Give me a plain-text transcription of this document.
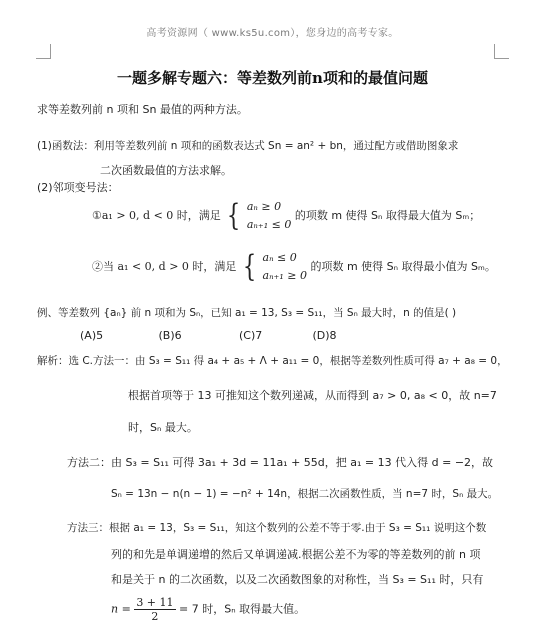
高考资源网（ www.ks5u.com），您身边的高考专家。
一题多解专题六：等差数列前n项和的最值问题
求等差数列前 n 项和 Sn 最值的两种方法。
(1)函数法：利用等差数列前 n 项和的函数表达式 Sn = an² + bn，通过配方或借助图象求
二次函数最值的方法求解。
(2)邻项变号法：
①a₁ > 0, d < 0 时，满足 { aₙ ≥ 0
aₙ₊₁ ≤ 0
的项数 m 使得 Sₙ 取得最大值为 Sₘ；
②当 a₁ < 0, d > 0 时，满足 { aₙ ≤ 0
aₙ₊₁ ≥ 0
的项数 m 使得 Sₙ 取得最小值为 Sₘ。
例、等差数列 {aₙ} 前 n 项和为 Sₙ，已知 a₁ = 13, S₃ = S₁₁，当 Sₙ 最大时，n 的值是( )
(A)5	(B)6	(C)7	(D)8
解析：选 C.方法一：由 S₃ = S₁₁ 得 a₄ + a₅ + Λ + a₁₁ = 0，根据等差数列性质可得 a₇ + a₈ = 0，
根据首项等于 13 可推知这个数列递减，从而得到 a₇ > 0, a₈ < 0，故 n=7
时，Sₙ 最大。
方法二：由 S₃ = S₁₁ 可得 3a₁ + 3d = 11a₁ + 55d，把 a₁ = 13 代入得 d = −2，故
Sₙ = 13n − n(n − 1) = −n² + 14n，根据二次函数性质，当 n=7 时，Sₙ 最大。
方法三：根据 a₁ = 13，S₃ = S₁₁，知这个数列的公差不等于零.由于 S₃ = S₁₁ 说明这个数
列的和先是单调递增的然后又单调递减.根据公差不为零的等差数列的前 n 项
和是关于 n 的二次函数，以及二次函数图象的对称性，当 S₃ = S₁₁ 时，只有
$n = \frac{3 + 11}{2} = 7$ 时，Sₙ 取得最大值。
